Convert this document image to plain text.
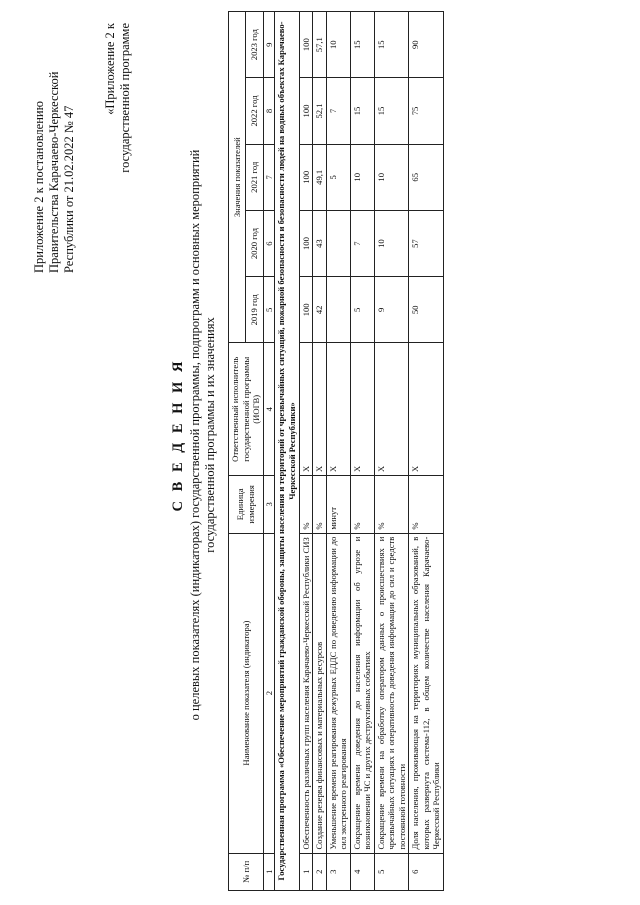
Приложение 2 к постановлению Правительства Карачаево-Черкесской Республики от 21.02.2022 № 47
«Приложение 2 к государственной программе
С В Е Д Е Н И Я о целевых показателях (индикаторах) государственной программы, подпрограмм и основных мероприятий государственной программы и их значениях
№ п/п	Наименование показателя (индикатора)	Единица измерения	Ответственный исполнитель государственной программы (ИОГВ)	Значения показателей				
				2019 год	2020 год	2021 год	2022 год	2023 год
1	2	3	4	5	6	7	8	9
Государственная программа «Обеспечение мероприятий гражданской обороны, защиты населения и территорий от чрезвычайных ситуаций, пожарной безопасности и безопасности людей на водных объектах Карачаево-Черкесской Республики»								
1	Обеспеченность различных групп населения Карачаево-Черкесской Республики СИЗ	%	Х	100	100	100	100	100
2	Создание резерва финансовых и материальных ресурсов	%	Х	42	43	49,1	52,1	57,1
3	Уменьшение времени реагирования дежурных ЕДДС по доведению информации до сил экстренного реагирования	минут	Х			5	7	10
4	Сокращение времени доведения до населения информации об угрозе и возникновении ЧС и других деструктивных событиях	%	Х	5	7	10	15	15
5	Сокращение времени на обработку оператором данных о происшествиях и чрезвычайных ситуациях и оперативность доведения информации до сил и средств постоянной готовности	%	Х	9	10	10	15	15
6	Доля населения, проживающая на территориях муниципальных образований, в которых развернута система-112, в общем количестве населения Карачаево-Черкесской Республики	%	Х	50	57	65	75	90
